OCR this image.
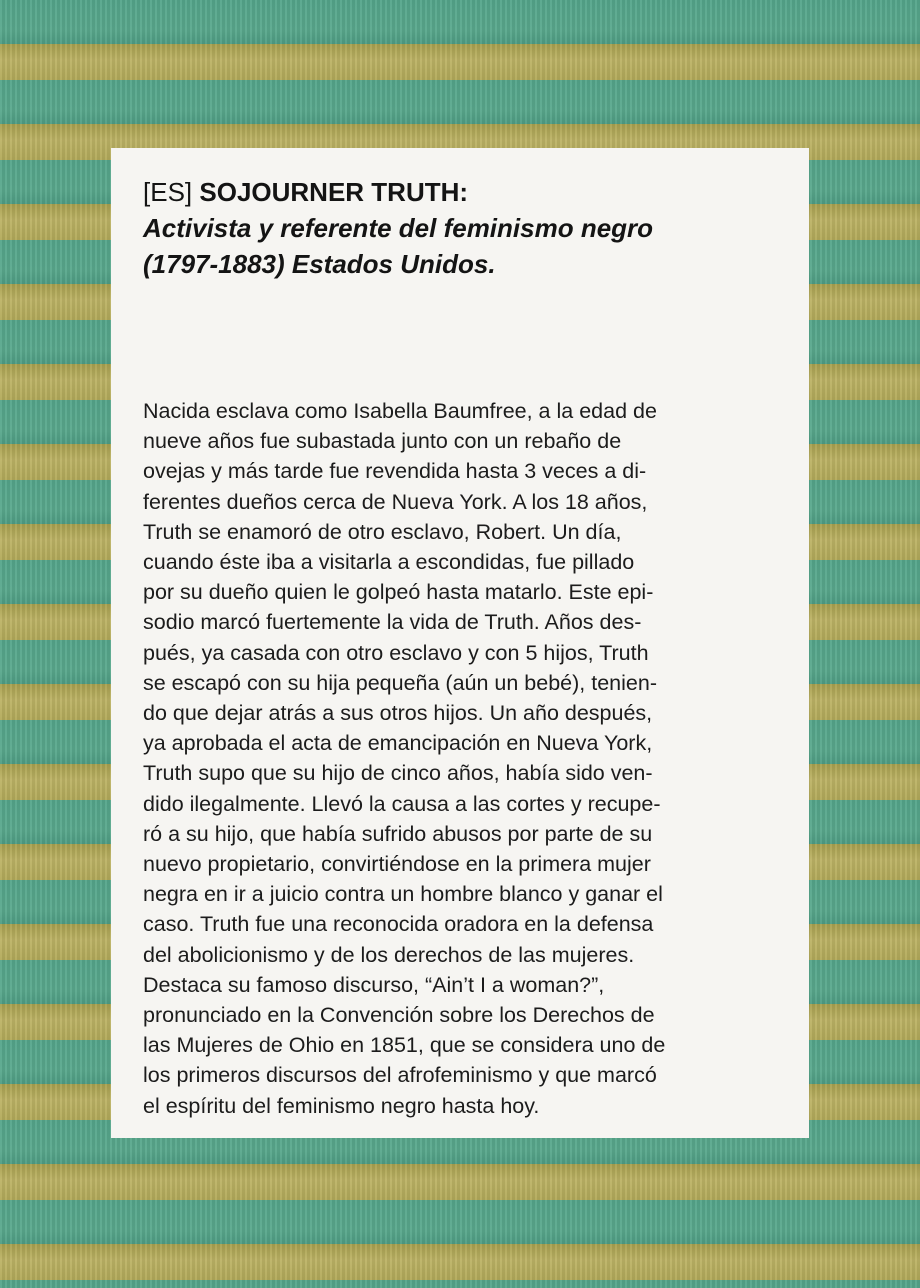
[ES] SOJOURNER TRUTH:
Activista y referente del feminismo negro
(1797-1883) Estados Unidos.
Nacida esclava como Isabella Baumfree, a la edad de
nueve años fue subastada junto con un rebaño de
ovejas y más tarde fue revendida hasta 3 veces a di-
ferentes dueños cerca de Nueva York. A los 18 años,
Truth se enamoró de otro esclavo, Robert. Un día,
cuando éste iba a visitarla a escondidas, fue pillado
por su dueño quien le golpeó hasta matarlo. Este epi-
sodio marcó fuertemente la vida de Truth. Años des-
pués, ya casada con otro esclavo y con 5 hijos, Truth
se escapó con su hija pequeña (aún un bebé), tenien-
do que dejar atrás a sus otros hijos. Un año después,
ya aprobada el acta de emancipación en Nueva York,
Truth supo que su hijo de cinco años, había sido ven-
dido ilegalmente. Llevó la causa a las cortes y recupe-
ró a su hijo, que había sufrido abusos por parte de su
nuevo propietario, convirtiéndose en la primera mujer
negra en ir a juicio contra un hombre blanco y ganar el
caso. Truth fue una reconocida oradora en la defensa
del abolicionismo y de los derechos de las mujeres.
Destaca su famoso discurso, “Ain’t I a woman?”,
pronunciado en la Convención sobre los Derechos de
las Mujeres de Ohio en 1851, que se considera uno de
los primeros discursos del afrofeminismo y que marcó
el espíritu del feminismo negro hasta hoy.
